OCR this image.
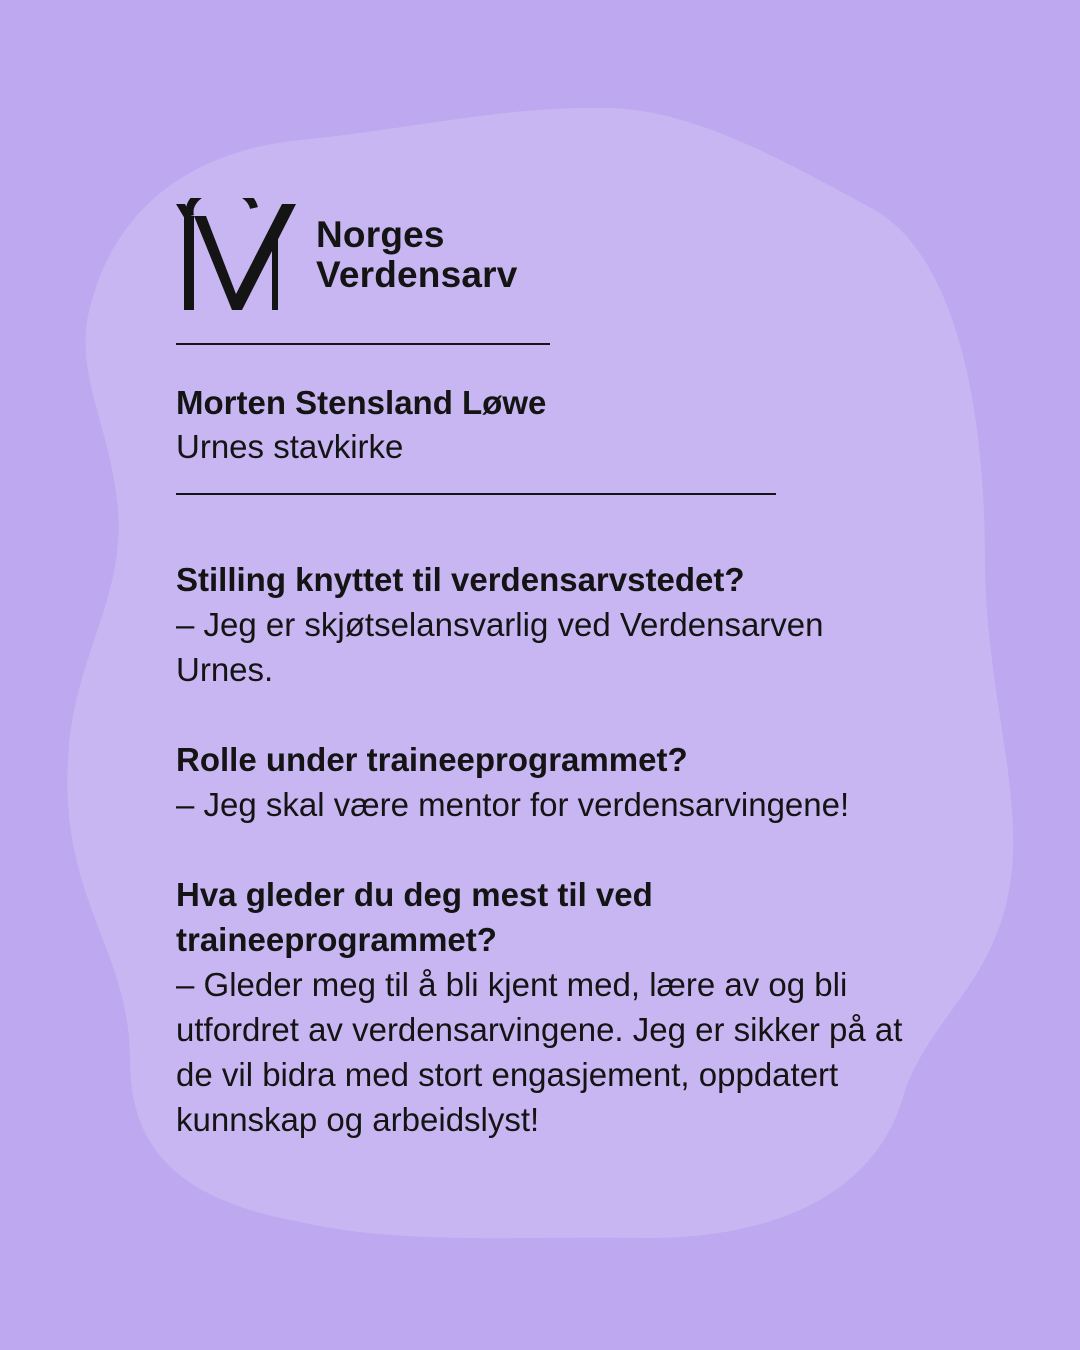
Norges
Verdensarv
Morten Stensland Løwe
Urnes stavkirke
Stilling knyttet til verdensarvstedet?
– Jeg er skjøtselansvarlig ved Verdensarven Urnes.
Rolle under traineeprogrammet?
– Jeg skal være mentor for verdensarvingene!
Hva gleder du deg mest til ved traineeprogrammet?
– Gleder meg til å bli kjent med, lære av og bli utfordret av verdensarvingene. Jeg er sikker på at de vil bidra med stort engasjement, oppdatert kunnskap og arbeidslyst!
